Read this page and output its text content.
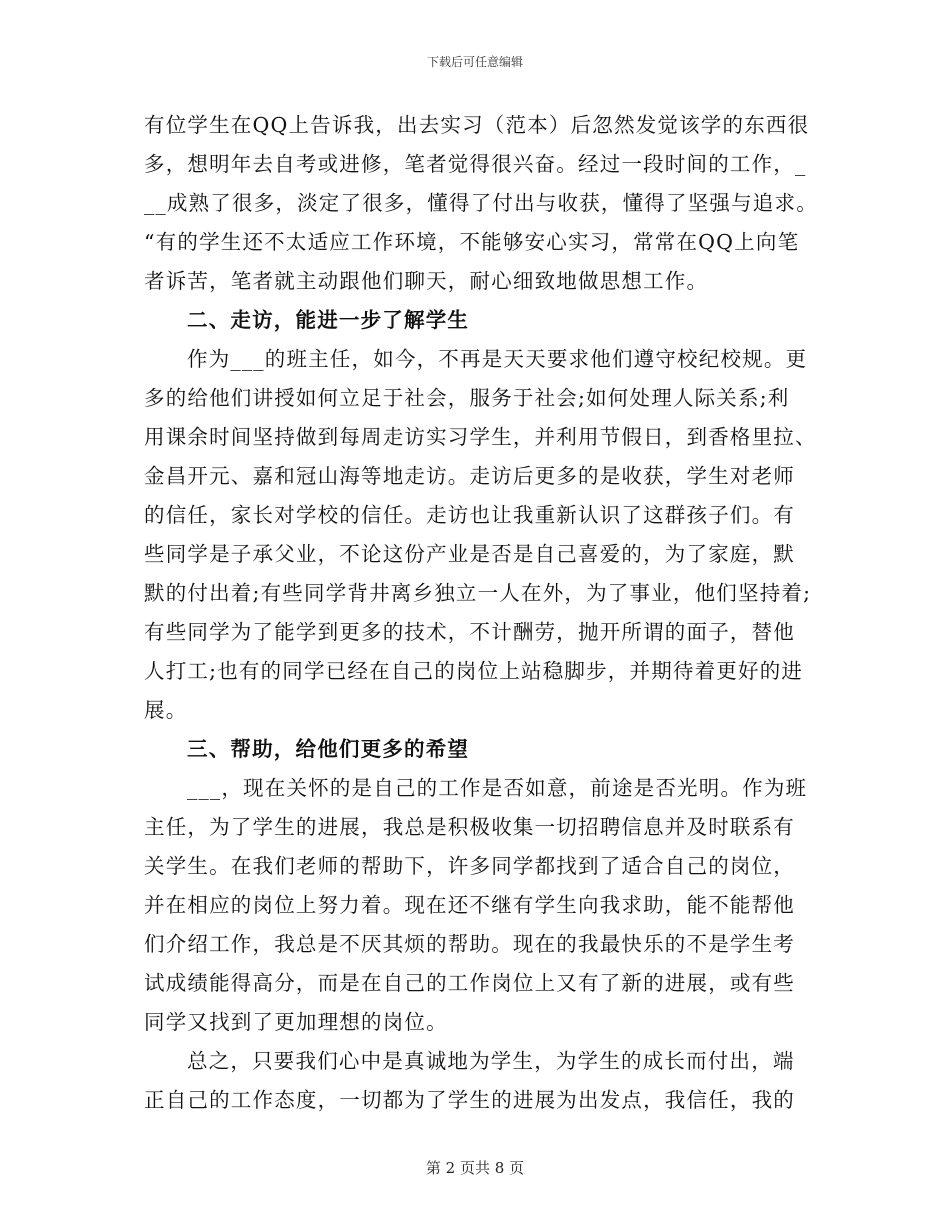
下载后可任意编辑
有位学生在QQ上告诉我，出去实习（范本）后忽然发觉该学的东西很
多，想明年去自考或进修，笔者觉得很兴奋。经过一段时间的工作，_
__成熟了很多，淡定了很多，懂得了付出与收获，懂得了坚强与追求。
“有的学生还不太适应工作环境，不能够安心实习，常常在QQ上向笔
者诉苦，笔者就主动跟他们聊天，耐心细致地做思想工作。
二、走访，能进一步了解学生
作为___的班主任，如今，不再是天天要求他们遵守校纪校规。更
多的给他们讲授如何立足于社会，服务于社会;如何处理人际关系;利
用课余时间坚持做到每周走访实习学生，并利用节假日，到香格里拉、
金昌开元、嘉和冠山海等地走访。走访后更多的是收获，学生对老师
的信任，家长对学校的信任。走访也让我重新认识了这群孩子们。有
些同学是子承父业，不论这份产业是否是自己喜爱的，为了家庭，默
默的付出着;有些同学背井离乡独立一人在外，为了事业，他们坚持着;
有些同学为了能学到更多的技术，不计酬劳，抛开所谓的面子，替他
人打工;也有的同学已经在自己的岗位上站稳脚步，并期待着更好的进
展。
三、帮助，给他们更多的希望
___，现在关怀的是自己的工作是否如意，前途是否光明。作为班
主任，为了学生的进展，我总是积极收集一切招聘信息并及时联系有
关学生。在我们老师的帮助下，许多同学都找到了适合自己的岗位，
并在相应的岗位上努力着。现在还不继有学生向我求助，能不能帮他
们介绍工作，我总是不厌其烦的帮助。现在的我最快乐的不是学生考
试成绩能得高分，而是在自己的工作岗位上又有了新的进展，或有些
同学又找到了更加理想的岗位。
总之，只要我们心中是真诚地为学生，为学生的成长而付出，端
正自己的工作态度，一切都为了学生的进展为出发点，我信任，我的
第 2 页共 8 页
